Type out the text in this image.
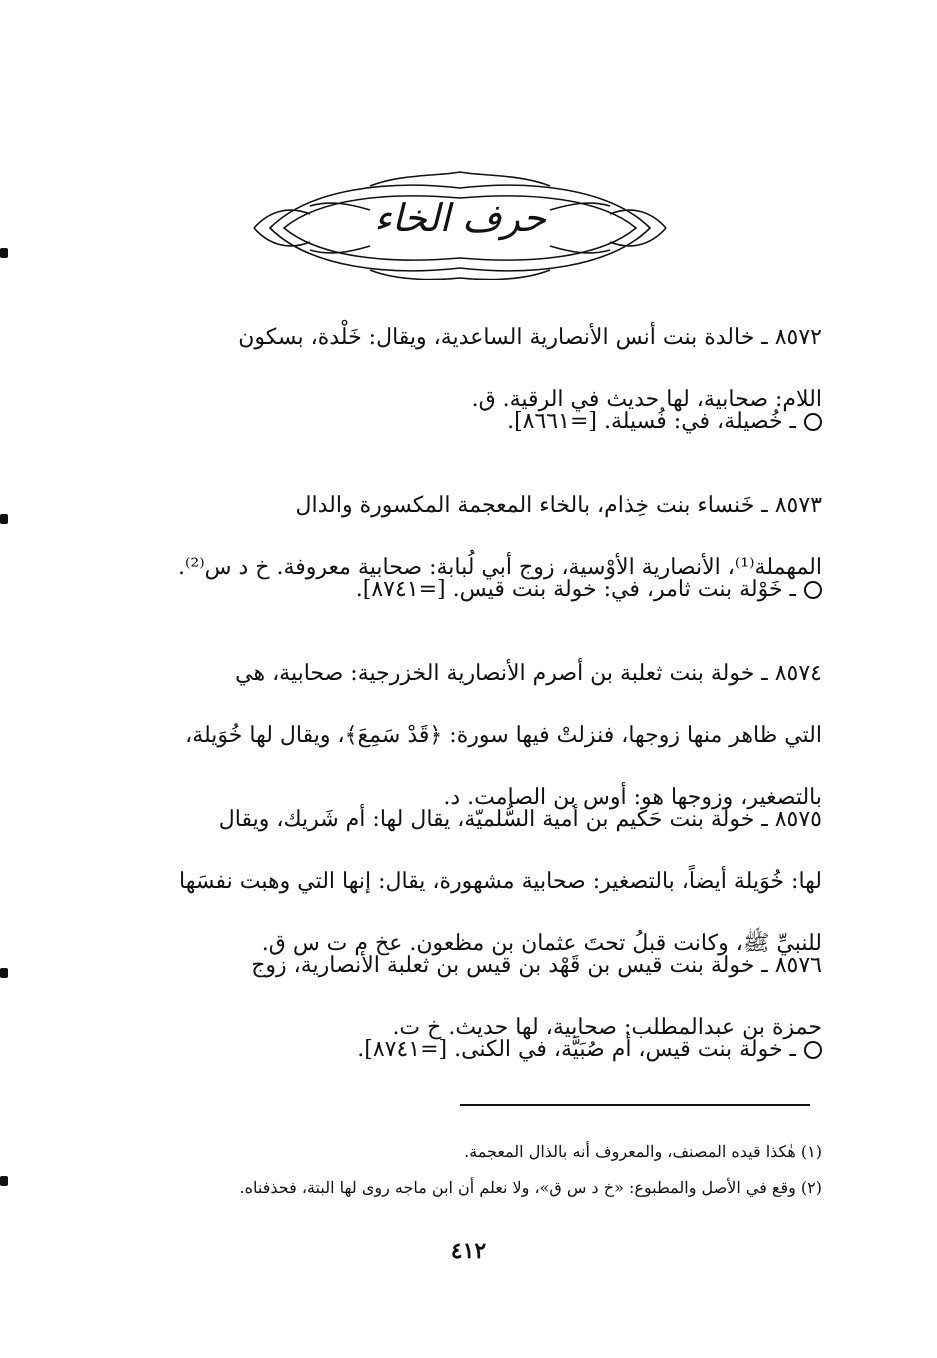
حرف الخاء

٨٥٧٢ ـ خالدة بنت أنس الأنصارية الساعدية، ويقال: خَلْدة، بسكون

اللام: صحابية، لها حديث في الرقية. ق.

ـ خُصيلة، في: فُسيلة. [=٨٦٦١].

٨٥٧٣ ـ خَنساء بنت خِذام، بالخاء المعجمة المكسورة والدال

المهملة⁽¹⁾، الأنصارية الأوْسية، زوج أبي لُبابة: صحابية معروفة. خ د س⁽²⁾.

ـ خَوْلة بنت ثامر، في: خولة بنت قيس. [=٨٧٤١].

٨٥٧٤ ـ خولة بنت ثعلبة بن أصرم الأنصارية الخزرجية: صحابية، هي

التي ظاهر منها زوجها، فنزلتْ فيها سورة: ﴿قَدْ سَمِعَ﴾، ويقال لها خُوَيلة،

بالتصغير، وزوجها هو: أوس بن الصامت. د.

٨٥٧٥ ـ خولة بنت حَكيم بن أمية السُّلميّة، يقال لها: أم شَريك، ويقال

لها: خُوَيلة أيضاً، بالتصغير: صحابية مشهورة، يقال: إنها التي وهبت نفسَها

للنبيِّ ﷺ، وكانت قبلُ تحتَ عثمان بن مظعون. عخ م ت س ق.

٨٥٧٦ ـ خولة بنت قيس بن قَهْد بن قيس بن ثعلبة الأنصارية، زوج

حمزة بن عبدالمطلب: صحابية، لها حديث. خ ت.

ـ خولة بنت قيس، أم صُبَيَّة، في الكنى. [=٨٧٤١].
(١) هٰكذا قيده المصنف، والمعروف أنه بالذال المعجمة.
(٢) وقع في الأصل والمطبوع: «خ د س ق»، ولا نعلم أن ابن ماجه روى لها البتة، فحذفناه.
٤١٢
